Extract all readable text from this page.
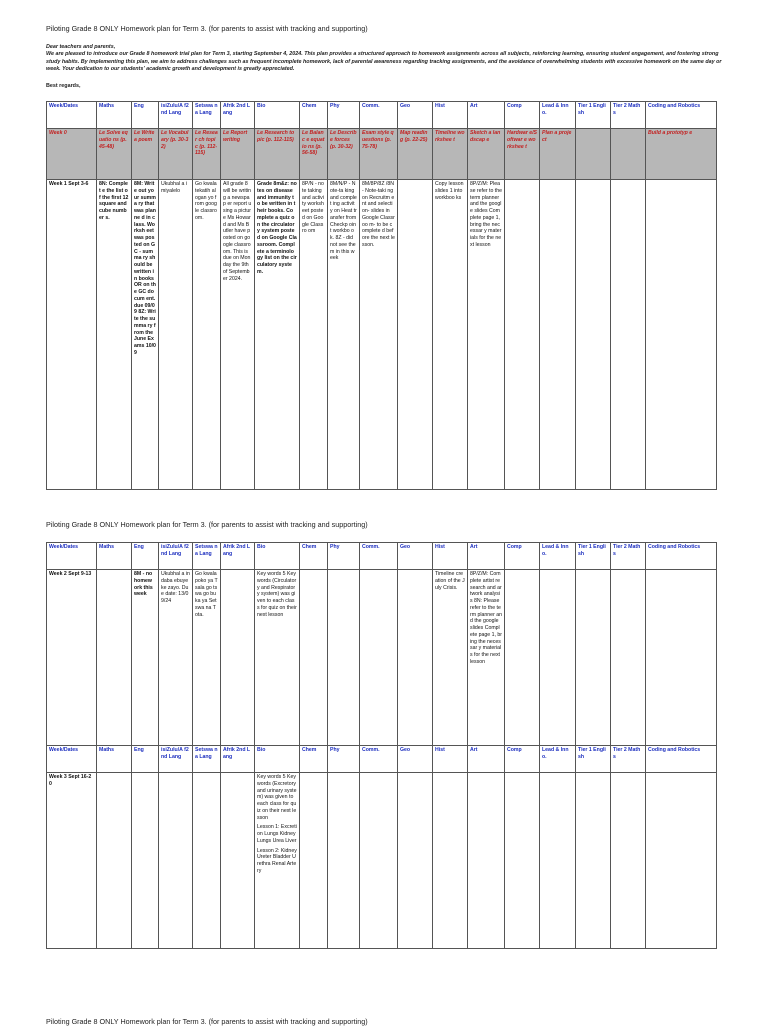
Piloting Grade 8 ONLY Homework plan for Term 3. (for parents to assist with tracking and supporting)

Dear teachers and parents,

We are pleased to introduce our Grade 8 homework trial plan for Term 3, starting September 4, 2024. This plan provides a structured approach to homework assignments across all subjects, reinforcing learning, ensuring student engagement, and fostering strong study habits. By implementing this plan, we aim to address challenges such as frequent incomplete homework, lack of parental awareness regarding tracking assignments, and the avoidance of overwhelming students with excessive homework on the same day or week. Your dedication to our students' academic growth and development is greatly appreciated.

Best regards,
Week/Dates	Maths	Eng	isiZulu/A f2nd Lang	Setswa na Lang	Afrik 2nd Lang	Bio	Chem	Phy	Comm.	Geo	Hist	Art	Comp	Lead & Inno.	Tier 1 English	Tier 2 Maths	Coding and Robotics
Week 0	Le Solve equatio ns (p. 45-48)	Le Write a poem	Le Vocabul ary (p. 30-32)	Le Resear ch topic (p. 112-115)	Le Report writing	Le Research topic (p. 112-115)	Le Balanc e equatio ns (p. 56-58)	Le Describ e forces (p. 30-32)	Exam style questions (p. 75-78)	Map reading (p. 22-25)	Timeline workshee t	Sketch a landscap e	Hardwar e/Softwar e workshee t	Plan a project			Build a prototyp e
Week 1 Sept 3-6	8N: Complet e the list of the first 12 square and cube number s.	8M: Write out your summa ry that was planne d in class. Worksh eet was posted on GC - summa ry should be written in books OR on the GC docum ent. due 09/09 8Z: Write the summa ry from the June Exams 10/09	Ukubhal a imiyalelo	Go kwala tekatih alogan yo from google classro om.	All grade 8 will be writing a newspap er report using a picture Ms Howard and Ms Butler have posted on google classro om. This is due on Monday the 9th of Septemb er 2024.	Grade 8m&z: notes on disease and immunity to be written in their books. Complete a quiz on the circulatory system posted on Google Classroom. Complete a terminology list on the circulatory system.	8P/N - note taking and activity worksh eet posted on Google Classro om	8M/N/P - Note-ta king and complet ing activity on Heat transfer from Checkp oint workbo ok. 8Z - did not see them in this week	8M/8P/8Z /8N- Note-taki ng on Recruitm ent and selection- slides in Google Classroo m- to be complete d before the next lesson.		Copy lesson slides 1 into workboo ks	8P/Z/M: Please refer to the term planner and the google slides Complete page 1, bring the necessar y materials for the next lesson					
Piloting Grade 8 ONLY Homework plan for Term 3. (for parents to assist with tracking and supporting)
Week/Dates	Maths	Eng	isiZulu/A f2nd Lang	Setswa na Lang	Afrik 2nd Lang	Bio	Chem	Phy	Comm.	Geo	Hist	Art	Comp	Lead & Inno.	Tier 1 English	Tier 2 Maths	Coding and Robotics
Week 2 Sept 9-13		8M - no homew ork this week	Ukubhal a indaba ebuyeke zayo. Due date: 13/09/24	Go kwala poko ya Tsala go tswa go buka ya Setswa na Tota.		Key words 5 Key words (Circulatory and Respiratory system) was given to each class for quiz on their next lesson					Timeline creation of the July Crisis.	8P/Z/M: Complete artist research and artwork analysis 8N: Please refer to the term planner and the google slides Complete page 1, bring the necessar y materials for the next lesson					
Week/Dates	Maths	Eng	isiZulu/A f2nd Lang	Setswa na Lang	Afrik 2nd Lang	Bio	Chem	Phy	Comm.	Geo	Hist	Art	Comp	Lead & Inno.	Tier 1 English	Tier 2 Maths	Coding and Robotics
Week 3 Sept 16-20						Key words 5 Key words (Excretory and urinary system) was given to each class for quiz on their next lesson
Lesson 1: Excretion Lungs Kidney Lungs Urea Liver
Lesson 2: Kidney Ureter Bladder Urethra Renal Artery											

Piloting Grade 8 ONLY Homework plan for Term 3. (for parents to assist with tracking and supporting)
